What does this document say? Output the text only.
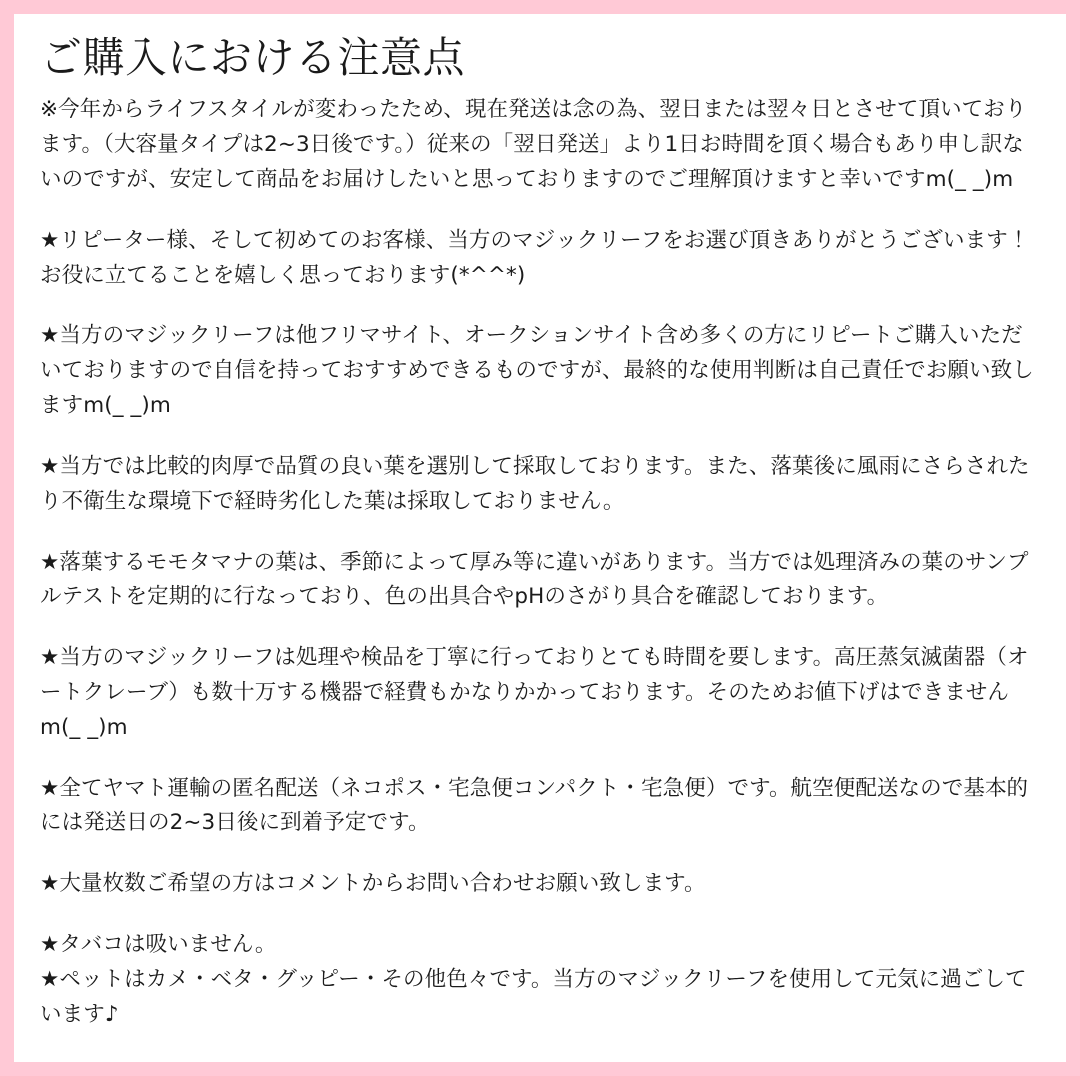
ご購入における注意点

※今年からライフスタイルが変わったため、現在発送は念の為、翌日または翌々日とさせて頂いております。（大容量タイプは2~3日後です。）従来の「翌日発送」より1日お時間を頂く場合もあり申し訳ないのですが、安定して商品をお届けしたいと思っておりますのでご理解頂けますと幸いですm(_ _)m

★リピーター様、そして初めてのお客様、当方のマジックリーフをお選び頂きありがとうございます！お役に立てることを嬉しく思っております(*^^*)

★当方のマジックリーフは他フリマサイト、オークションサイト含め多くの方にリピートご購入いただいておりますので自信を持っておすすめできるものですが、最終的な使用判断は自己責任でお願い致しますm(_ _)m

★当方では比較的肉厚で品質の良い葉を選別して採取しております。また、落葉後に風雨にさらされたり不衛生な環境下で経時劣化した葉は採取しておりません。

★落葉するモモタマナの葉は、季節によって厚み等に違いがあります。当方では処理済みの葉のサンプルテストを定期的に行なっており、色の出具合やpHのさがり具合を確認しております。

★当方のマジックリーフは処理や検品を丁寧に行っておりとても時間を要します。高圧蒸気滅菌器（オートクレーブ）も数十万する機器で経費もかなりかかっております。そのためお値下げはできませんm(_ _)m

★全てヤマト運輸の匿名配送（ネコポス・宅急便コンパクト・宅急便）です。航空便配送なので基本的には発送日の2~3日後に到着予定です。

★大量枚数ご希望の方はコメントからお問い合わせお願い致します。

★タバコは吸いません。

★ペットはカメ・ベタ・グッピー・その他色々です。当方のマジックリーフを使用して元気に過ごしています♪
